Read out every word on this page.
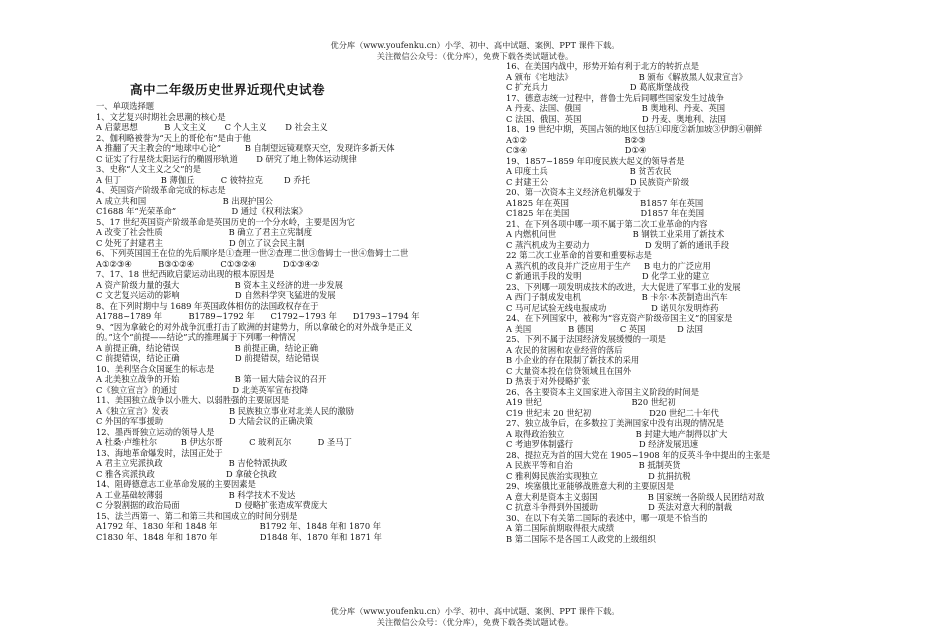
优分库（www.youfenku.cn）小学、初中、高中试题、案例、PPT 课件下载。
关注微信公众号：（优分库），免费下载各类试题试卷。
高中二年级历史世界近现代史试卷
一、单项选择题
1、文艺复兴时期社会思潮的核心是
A 启蒙思想          B 人文主义       C 个人主义       D 社会主义
2、伽利略被誉为“天上的哥伦布”是由于他
A 推翻了天主教会的“地球中心论”         B 自制望远镜观察天空，发现许多新天体
C 证实了行星绕太阳运行的椭圆形轨道       D 研究了地上物体运动规律
3、史称“人文主义之父”的是
A 但丁               B 薄伽丘          C 彼特拉克        D 乔托
4、英国资产阶级革命完成的标志是
A 成立共和国                             B 出现护国公
C1688 年“光荣革命”                     D 通过《权利法案》
5、17 世纪英国资产阶级革命是英国历史的一个分水岭，主要是因为它
A 改变了社会性质                         B 确立了君主立宪制度
C 处死了封建君主                         D 创立了议会民主制
6、下列英国国王在位的先后顺序是①查理一世②查理二世③詹姆士一世④詹姆士二世
A①②③④          B③①②④          C①③②④          D①③④②
7、17、18 世纪西欧启蒙运动出现的根本原因是
A 资产阶级力量的强大                     B 资本主义经济的进一步发展
C 文艺复兴运动的影响                     D 自然科学突飞猛进的发展
8、在下列时期中与 1689 年英国政体相仿的法国政权存在于
A1788~1789 年          B1789~1792 年      C1792~1793 年      D1793~1794 年
9、“因为拿破仑的对外战争沉重打击了欧洲的封建势力，所以拿破仑的对外战争是正义
的。”这个“前提——结论”式的推理属于下列哪一种情况
A 前提正确，结论错误                     B 前提正确，结论正确
C 前提错误，结论正确                     D 前提错误，结论错误
10、美利坚合众国诞生的标志是
A 北美独立战争的开始                     B 第一届大陆会议的召开
C《独立宣言》的通过                     D 北美英军宣布投降
11、美国独立战争以小胜大、以弱胜强的主要原因是
A《独立宣言》发表                       B 民族独立事业对北美人民的激励
C 外国的军事援助                         D 大陆会议的正确决策
12、墨西哥独立运动的领导人是
A 杜桑·卢维杜尔         B 伊达尔哥          C 玻利瓦尔          D 圣马丁
13、海地革命爆发时，法国正处于
A 君主立宪派执政                         B 吉伦特派执政
C 雅各宾派执政                           D 拿破仑执政
14、阻碍德意志工业革命发展的主要因素是
A 工业基础较薄弱                         B 科学技术不发达
C 分裂割据的政治局面                     D 侵略扩张造成军费庞大
15、法兰西第一、第二和第三共和国成立的时间分别是
A1792 年、1830 年和 1848 年                B1792 年、1848 年和 1870 年
C1830 年、1848 年和 1870 年                D1848 年、1870 年和 1871 年
16、在美国内战中，形势开始有利于北方的转折点是
A 颁布《宅地法》                         B 颁布《解放黑人奴隶宣言》
C 扩充兵力                               D 葛底斯堡战役
17、德意志统一过程中，普鲁士先后同哪些国家发生过战争
A 丹麦、法国、俄国                       B 奥地利、丹麦、英国
C 法国、俄国、英国                       D 丹麦、奥地利、法国
18、19 世纪中期，英国占领的地区包括①印度②新加坡③伊朗④朝鲜
A①②                                     B②③
C③④                                     D①④
19、1857~1859 年印度民族大起义的领导者是
A 印度土兵                               B 贫苦农民
C 封建王公                               D 民族资产阶级
20、第一次资本主义经济危机爆发于
A1825 年在英国                           B1857 年在英国
C1825 年在美国                           D1857 年在美国
21、在下列各项中哪一项不属于第二次工业革命的内容
A 内燃机问世                             B 钢铁工业采用了新技术
C 蒸汽机成为主要动力                     D 发明了新的通讯手段
22 第二次工业革命的首要和重要标志是
A 蒸汽机的改良并广泛应用于生产     B 电力的广泛应用
C 新通讯手段的发明                       D 化学工业的建立
23、下列哪一项发明成技术的改进，大大促进了军事工业的发展
A 西门子制成发电机                       B 卡尔·本茨制造出汽车
C 马可尼试验无线电报成功                 D 诺贝尔发明炸药
24、在下列国家中，被称为“容克资产阶级帝国主义”的国家是
A 美国              B 德国          C 英国            D 法国
25、下列不属于法国经济发展缓慢的一项是
A 农民的贫困和农业经营的落后
B 小企业的存在限制了新技术的采用
C 大量资本投在信贷领域且在国外
D 热衷于对外侵略扩张
26、各主要资本主义国家进入帝国主义阶段的时间是
A19 世纪                                  B20 世纪初
C19 世纪末 20 世纪初                      D20 世纪二十年代
27、独立战争后，在多数拉丁美洲国家中没有出现的情况是
A 取得政治独立                           B 封建大地产制得以扩大
C 考迪罗体制盛行                         D 经济发展迅速
28、提拉克为首的国大党在 1905~1908 年的反英斗争中提出的主张是
A 民族平等和自治                         B 抵制英货
C 雅利姆民族治实现独立                   D 抗捐抗税
29、埃塞俄比亚能够战胜意大利的主要原因是
A 意大利是资本主义弱国                   B 国家统一各阶级人民团结对敌
C 抗意斗争得到外国援助                   D 英法对意大利的制裁
30、在以下有关第二国际的表述中，哪一项是不恰当的
A 第二国际前期取得很大成绩
B 第二国际不是各国工人政党的上级组织
优分库（www.youfenku.cn）小学、初中、高中试题、案例、PPT 课件下载。
关注微信公众号：（优分库），免费下载各类试题试卷。
